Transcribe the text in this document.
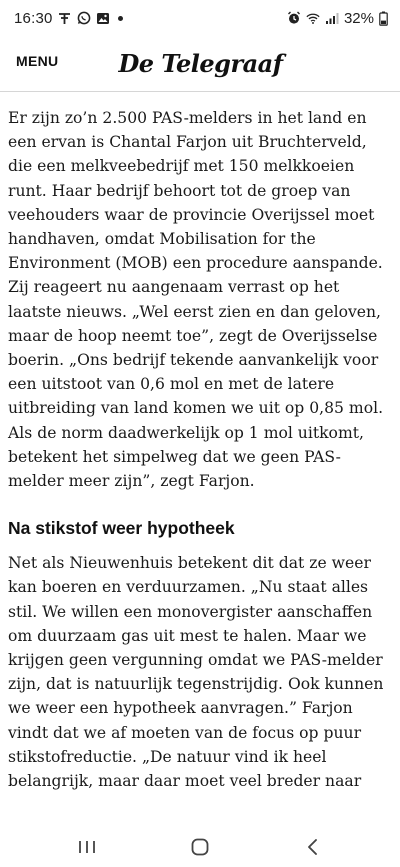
16:30	32%
MENU	De Telegraaf

Er zijn zo’n 2.500 PAS-melders in het land en
een ervan is Chantal Farjon uit Bruchterveld,
die een melkveebedrijf met 150 melkkoeien
runt. Haar bedrijf behoort tot de groep van
veehouders waar de provincie Overijssel moet
handhaven, omdat Mobilisation for the
Environment (MOB) een procedure aanspande.
Zij reageert nu aangenaam verrast op het
laatste nieuws. „Wel eerst zien en dan geloven,
maar de hoop neemt toe”, zegt de Overijsselse
boerin. „Ons bedrijf tekende aanvankelijk voor
een uitstoot van 0,6 mol en met de latere
uitbreiding van land komen we uit op 0,85 mol.
Als de norm daadwerkelijk op 1 mol uitkomt,
betekent het simpelweg dat we geen PAS-
melder meer zijn”, zegt Farjon.

Na stikstof weer hypotheek

Net als Nieuwenhuis betekent dit dat ze weer
kan boeren en verduurzamen. „Nu staat alles
stil. We willen een monovergister aanschaffen
om duurzaam gas uit mest te halen. Maar we
krijgen geen vergunning omdat we PAS-melder
zijn, dat is natuurlijk tegenstrijdig. Ook kunnen
we weer een hypotheek aanvragen.” Farjon
vindt dat we af moeten van de focus op puur
stikstofreductie. „De natuur vind ik heel
belangrijk, maar daar moet veel breder naar
